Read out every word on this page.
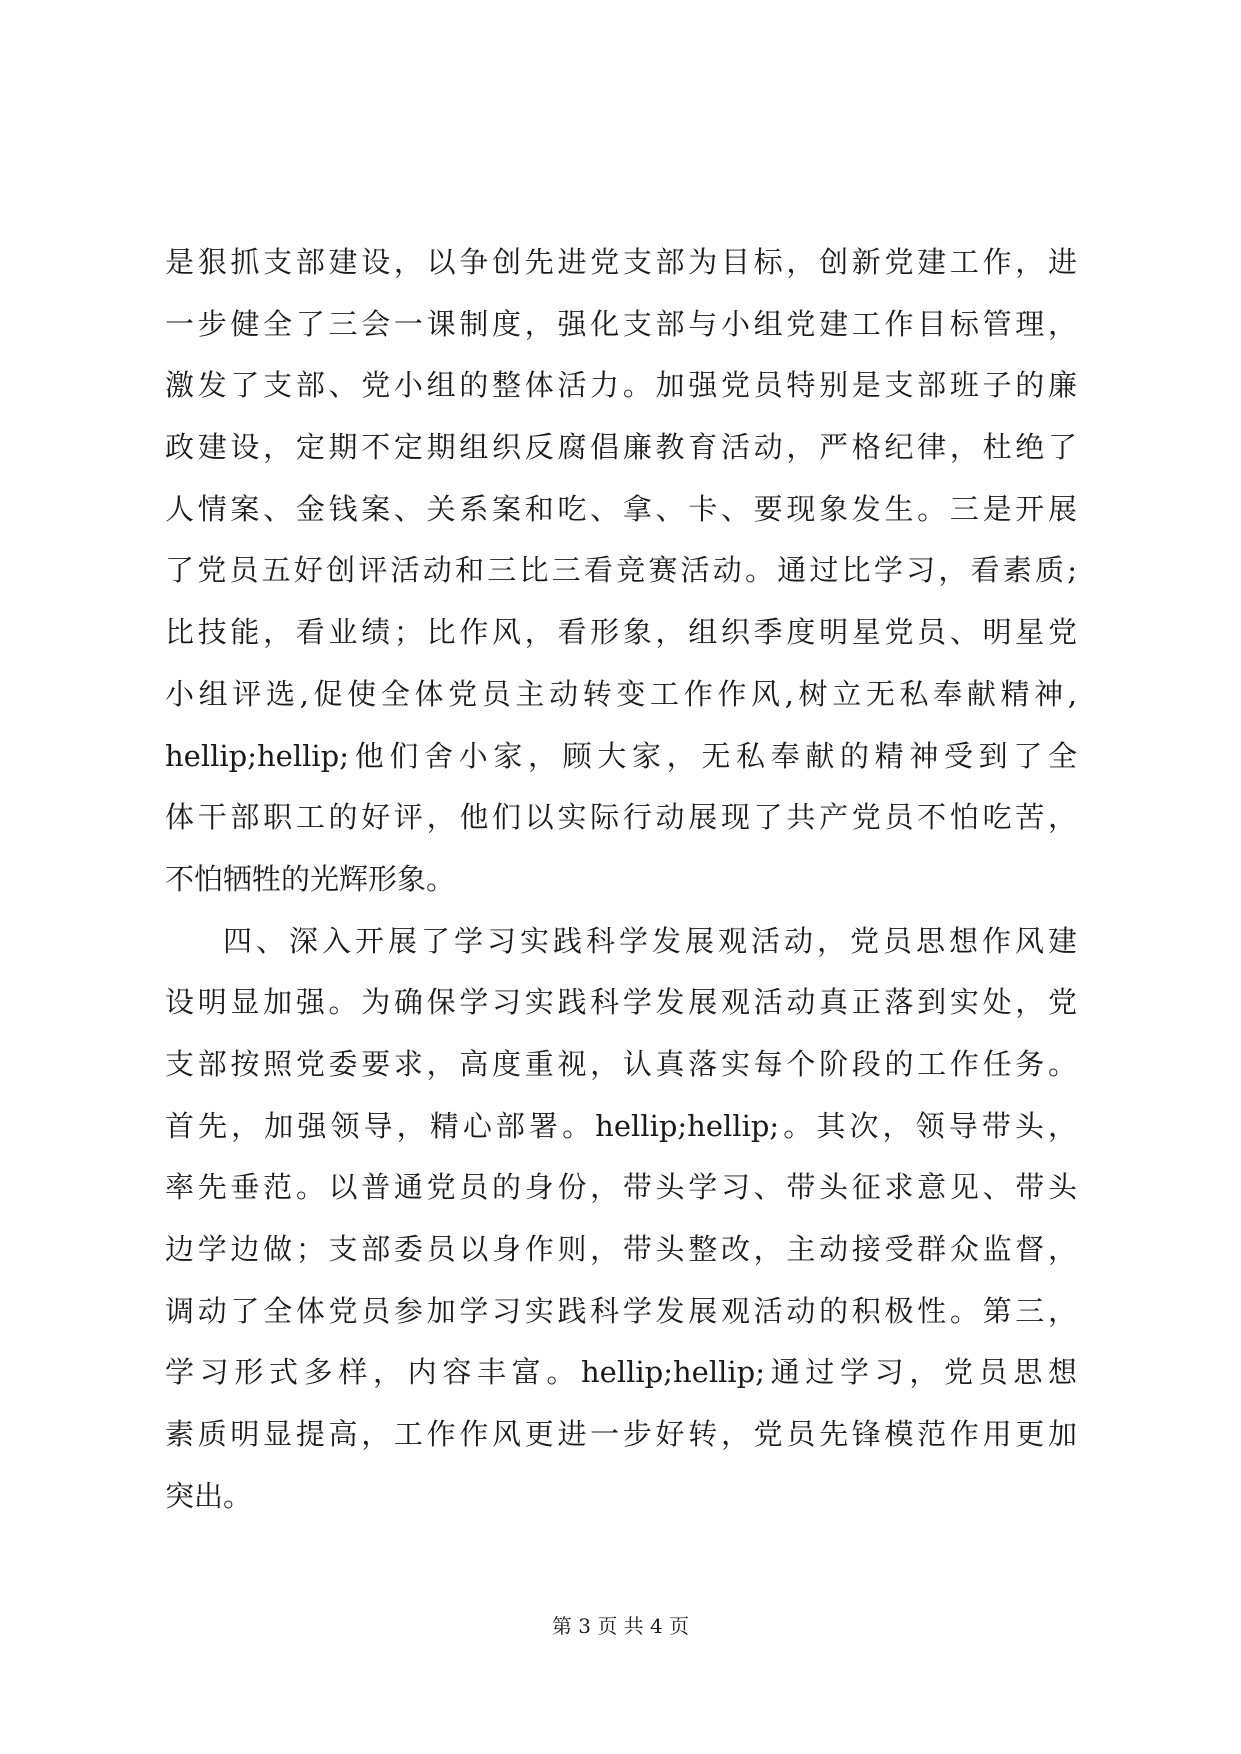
是狠抓支部建设，以争创先进党支部为目标，创新党建工作，进
一步健全了三会一课制度，强化支部与小组党建工作目标管理，
激发了支部、党小组的整体活力。加强党员特别是支部班子的廉
政建设，定期不定期组织反腐倡廉教育活动，严格纪律，杜绝了
人情案、金钱案、关系案和吃、拿、卡、要现象发生。三是开展
了党员五好创评活动和三比三看竞赛活动。通过比学习，看素质;
比技能，看业绩；比作风，看形象，组织季度明星党员、明星党
小组评选,促使全体党员主动转变工作作风,树立无私奉献精神,
hellip;hellip;他们舍小家，顾大家，无私奉献的精神受到了全
体干部职工的好评，他们以实际行动展现了共产党员不怕吃苦，
不怕牺牲的光辉形象。
四、深入开展了学习实践科学发展观活动，党员思想作风建
设明显加强。为确保学习实践科学发展观活动真正落到实处，党
支部按照党委要求，高度重视，认真落实每个阶段的工作任务。
首先，加强领导，精心部署。hellip;hellip;。其次，领导带头，
率先垂范。以普通党员的身份，带头学习、带头征求意见、带头
边学边做；支部委员以身作则，带头整改，主动接受群众监督，
调动了全体党员参加学习实践科学发展观活动的积极性。第三，
学习形式多样，内容丰富。hellip;hellip;通过学习，党员思想
素质明显提高，工作作风更进一步好转，党员先锋模范作用更加
突出。
第 3 页 共 4 页
